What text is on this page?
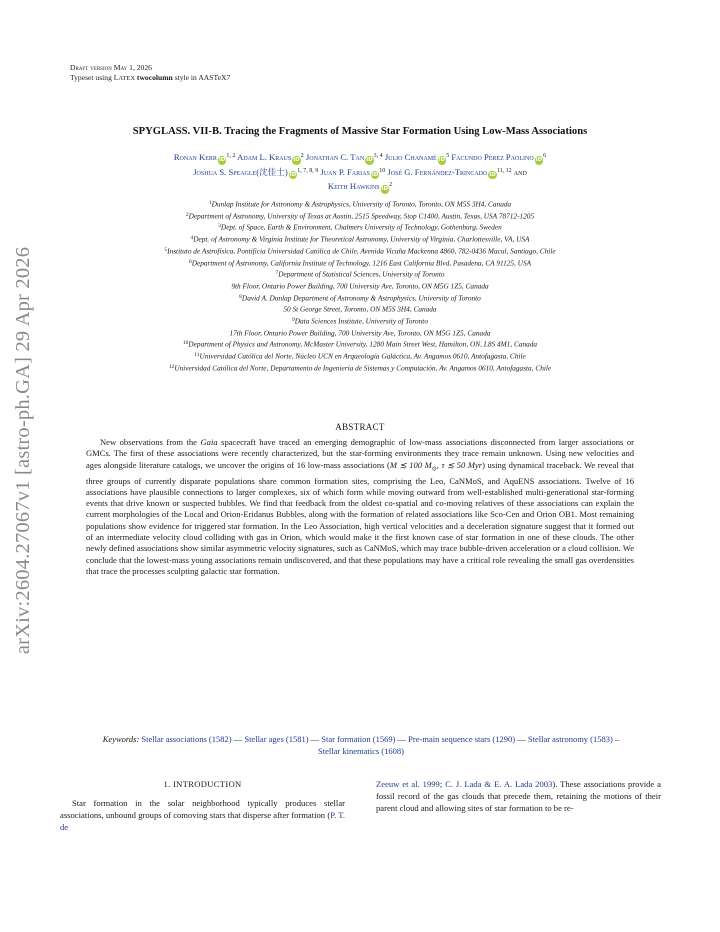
arXiv:2604.27067v1 [astro-ph.GA] 29 Apr 2026
Draft version May 1, 2026
Typeset using LATEX twocolumn style in AASTeX7
SPYGLASS. VII-B. Tracing the Fragments of Massive Star Formation Using Low-Mass Associations
Ronan Kerr iD$^{1, 2}$ Adam L. Kraus iD$^2$ Jonathan C. Tan iD$^{3, 4}$ Julio Chanamé iD$^5$ Facundo Pérez Paolino iD$^6$
Joshua S. Speagle(沈佳士) iD$^{1, 7, 8, 9}$ Juan P. Farias iD$^{10}$ José G. Fernández-Trincado iD$^{11, 12}$ and
Keith Hawkins iD$^2$
$^1$Dunlap Institute for Astronomy & Astrophysics, University of Toronto, Toronto, ON M5S 3H4, Canada
$^2$Department of Astronomy, University of Texas at Austin, 2515 Speedway, Stop C1400, Austin, Texas, USA 78712-1205
$^3$Dept. of Space, Earth & Environment, Chalmers University of Technology, Gothenburg, Sweden
$^4$Dept. of Astronomy & Virginia Institute for Theoretical Astronomy, University of Virginia, Charlottesville, VA, USA
$^5$Instituto de Astrofísica, Pontificia Universidad Católica de Chile, Avenida Vicuña Mackenna 4860, 782-0436 Macul, Santiago, Chile
$^6$Department of Astronomy, California Institute of Technology, 1216 East California Blvd, Pasadena, CA 91125, USA
$^7$Department of Statistical Sciences, University of Toronto
9th Floor, Ontario Power Building, 700 University Ave, Toronto, ON M5G 1Z5, Canada
$^8$David A. Dunlap Department of Astronomy & Astrophysics, University of Toronto
50 St George Street, Toronto, ON M5S 3H4, Canada
$^9$Data Sciences Institute, University of Toronto
17th Floor, Ontario Power Building, 700 University Ave, Toronto, ON M5G 1Z5, Canada
$^{10}$Department of Physics and Astronomy, McMaster University, 1280 Main Street West, Hamilton, ON, L8S 4M1, Canada
$^{11}$Universidad Católica del Norte, Núcleo UCN en Arqueología Galáctica, Av. Angamos 0610, Antofagasta, Chile
$^{12}$Universidad Católica del Norte, Departamento de Ingeniería de Sistemas y Computación, Av. Angamos 0610, Antofagasta, Chile
ABSTRACT
New observations from the Gaia spacecraft have traced an emerging demographic of low-mass associations disconnected from larger associations or GMCs. The first of these associations were recently characterized, but the star-forming environments they trace remain unknown. Using new velocities and ages alongside literature catalogs, we uncover the origins of 16 low-mass associations (M ≲ 100 $M_⊙$, τ ≲ 50 Myr) using dynamical traceback. We reveal that three groups of currently disparate populations share common formation sites, comprising the Leo, CaNMoS, and AquENS associations. Twelve of 16 associations have plausible connections to larger complexes, six of which form while moving outward from well-established multi-generational star-forming events that drive known or suspected bubbles. We find that feedback from the oldest co-spatial and co-moving relatives of these associations can explain the current morphologies of the Local and Orion-Eridanus Bubbles, along with the formation of related associations like Sco-Cen and Orion OB1. Most remaining populations show evidence for triggered star formation. In the Leo Association, high vertical velocities and a deceleration signature suggest that it formed out of an intermediate velocity cloud colliding with gas in Orion, which would make it the first known case of star formation in one of these clouds. The other newly defined associations show similar asymmetric velocity signatures, such as CaNMoS, which may trace bubble-driven acceleration or a cloud collision. We conclude that the lowest-mass young associations remain undiscovered, and that these populations may have a critical role revealing the small gas overdensities that trace the processes sculpting galactic star formation.
Keywords: Stellar associations (1582) — Stellar ages (1581) — Star formation (1569) — Pre-main sequence stars (1290) — Stellar astronomy (1583) – Stellar kinematics (1608)
1. INTRODUCTION
Star formation in the solar neighborhood typically produces stellar associations, unbound groups of comoving stars that disperse after formation (P. T. de
Zeeuw et al. 1999; C. J. Lada & E. A. Lada 2003). These associations provide a fossil record of the gas clouds that precede them, retaining the motions of their parent cloud and allowing sites of star formation to be re-
